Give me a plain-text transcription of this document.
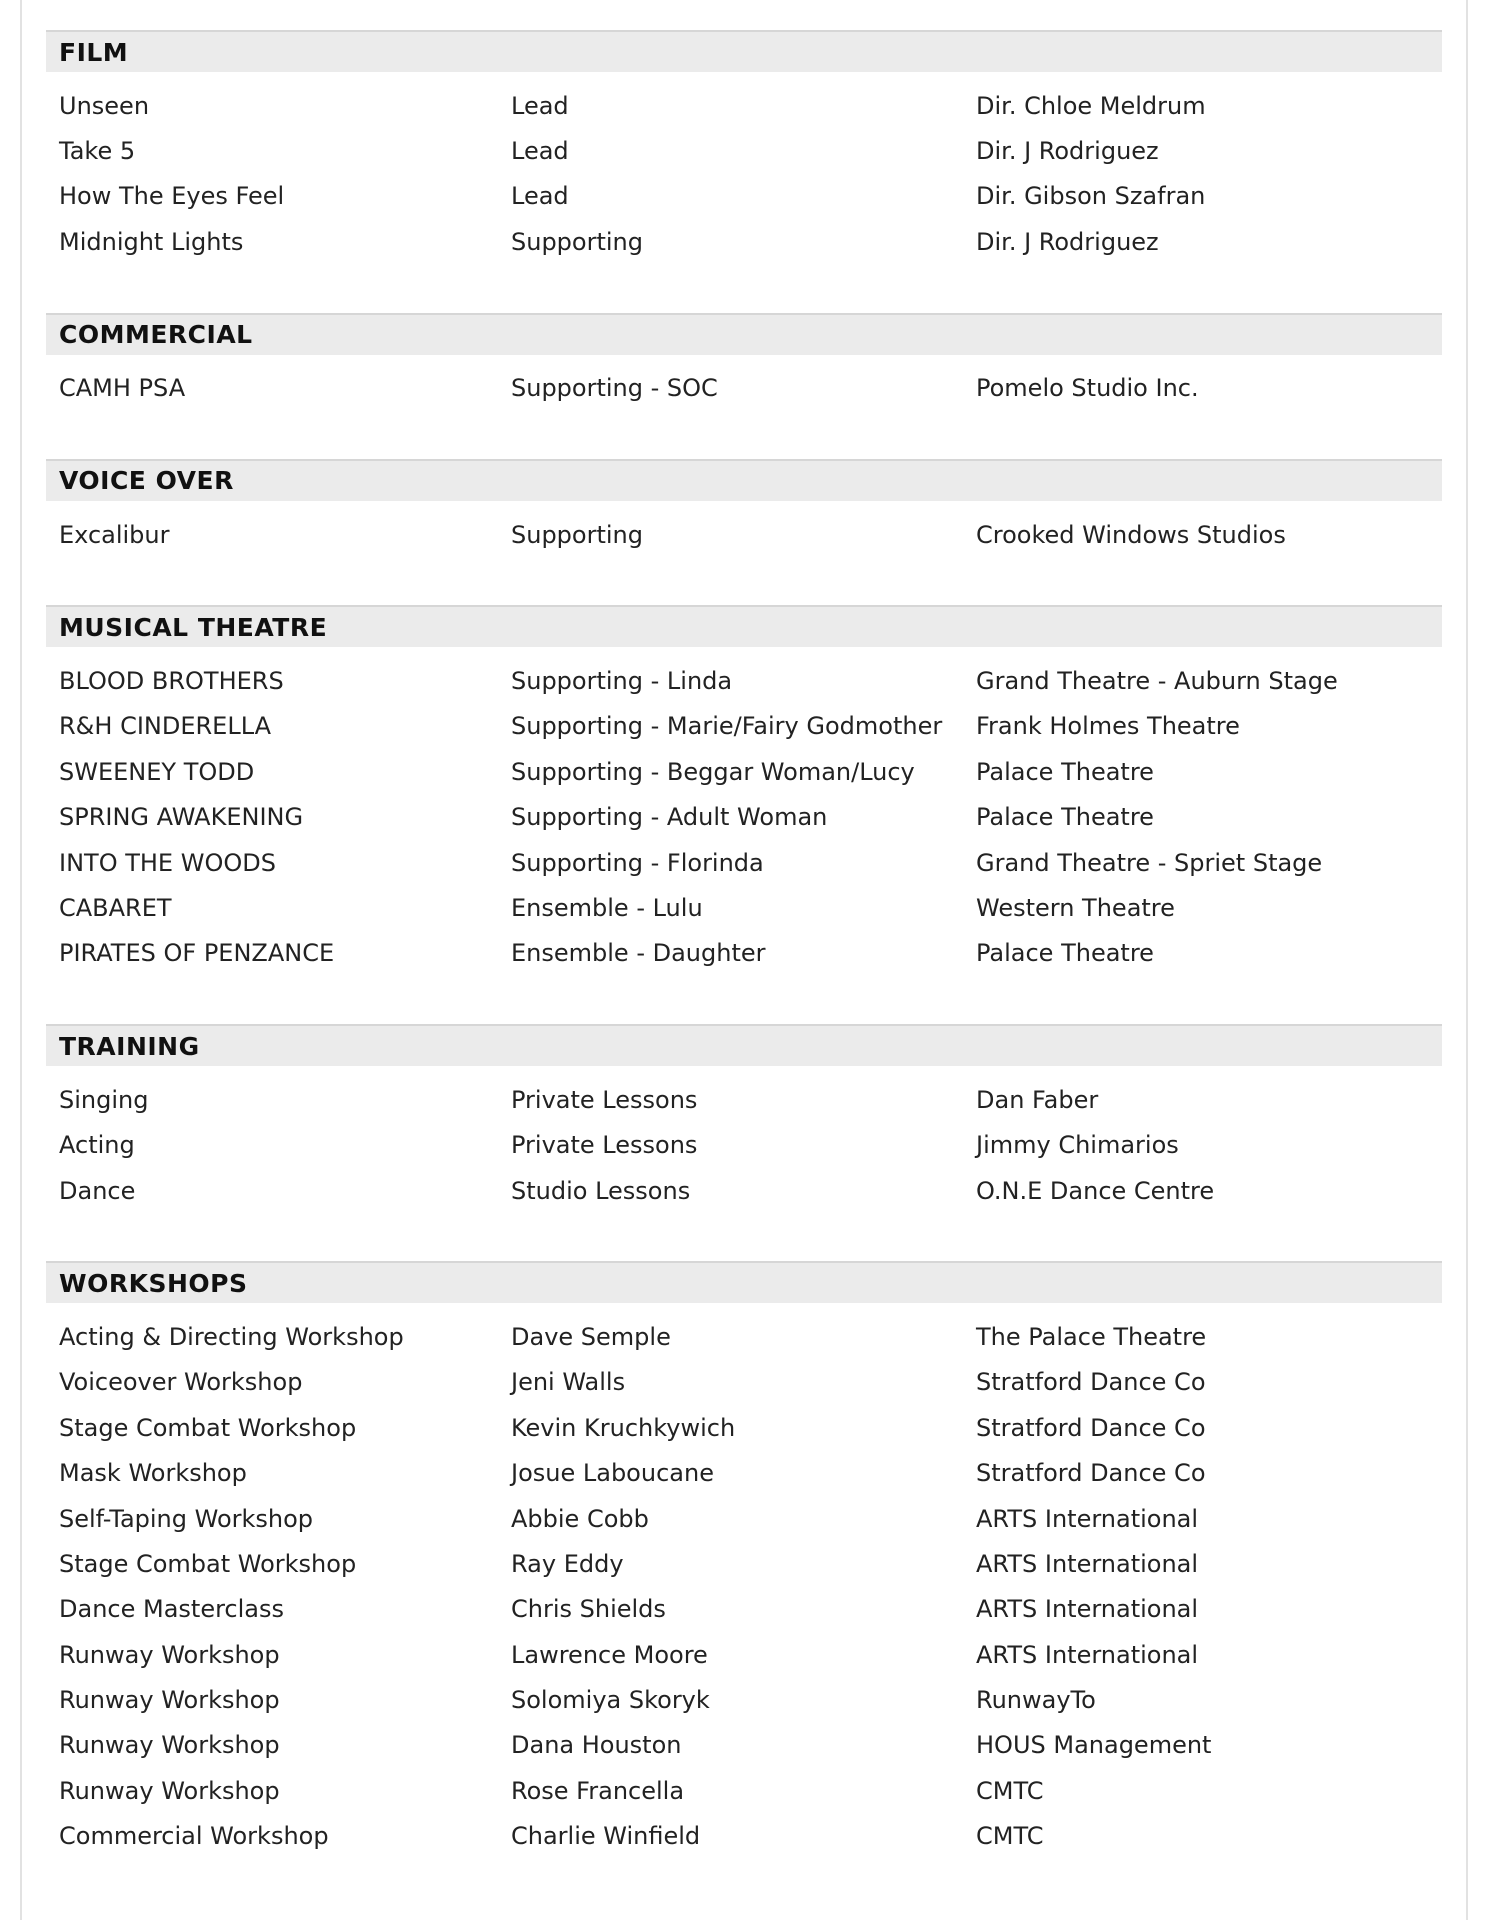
FILM
Unseen	Lead	Dir. Chloe Meldrum
Take 5	Lead	Dir. J Rodriguez
How The Eyes Feel	Lead	Dir. Gibson Szafran
Midnight Lights	Supporting	Dir. J Rodriguez
COMMERCIAL
CAMH PSA	Supporting - SOC	Pomelo Studio Inc.
VOICE OVER
Excalibur	Supporting	Crooked Windows Studios
MUSICAL THEATRE
BLOOD BROTHERS	Supporting - Linda	Grand Theatre - Auburn Stage
R&H CINDERELLA	Supporting - Marie/Fairy Godmother	Frank Holmes Theatre
SWEENEY TODD	Supporting - Beggar Woman/Lucy	Palace Theatre
SPRING AWAKENING	Supporting - Adult Woman	Palace Theatre
INTO THE WOODS	Supporting - Florinda	Grand Theatre - Spriet Stage
CABARET	Ensemble - Lulu	Western Theatre
PIRATES OF PENZANCE	Ensemble - Daughter	Palace Theatre
TRAINING
Singing	Private Lessons	Dan Faber
Acting	Private Lessons	Jimmy Chimarios
Dance	Studio Lessons	O.N.E Dance Centre
WORKSHOPS
Acting & Directing Workshop	Dave Semple	The Palace Theatre
Voiceover Workshop	Jeni Walls	Stratford Dance Co
Stage Combat Workshop	Kevin Kruchkywich	Stratford Dance Co
Mask Workshop	Josue Laboucane	Stratford Dance Co
Self-Taping Workshop	Abbie Cobb	ARTS International
Stage Combat Workshop	Ray Eddy	ARTS International
Dance Masterclass	Chris Shields	ARTS International
Runway Workshop	Lawrence Moore	ARTS International
Runway Workshop	Solomiya Skoryk	RunwayTo
Runway Workshop	Dana Houston	HOUS Management
Runway Workshop	Rose Francella	CMTC
Commercial Workshop	Charlie Winfield	CMTC
